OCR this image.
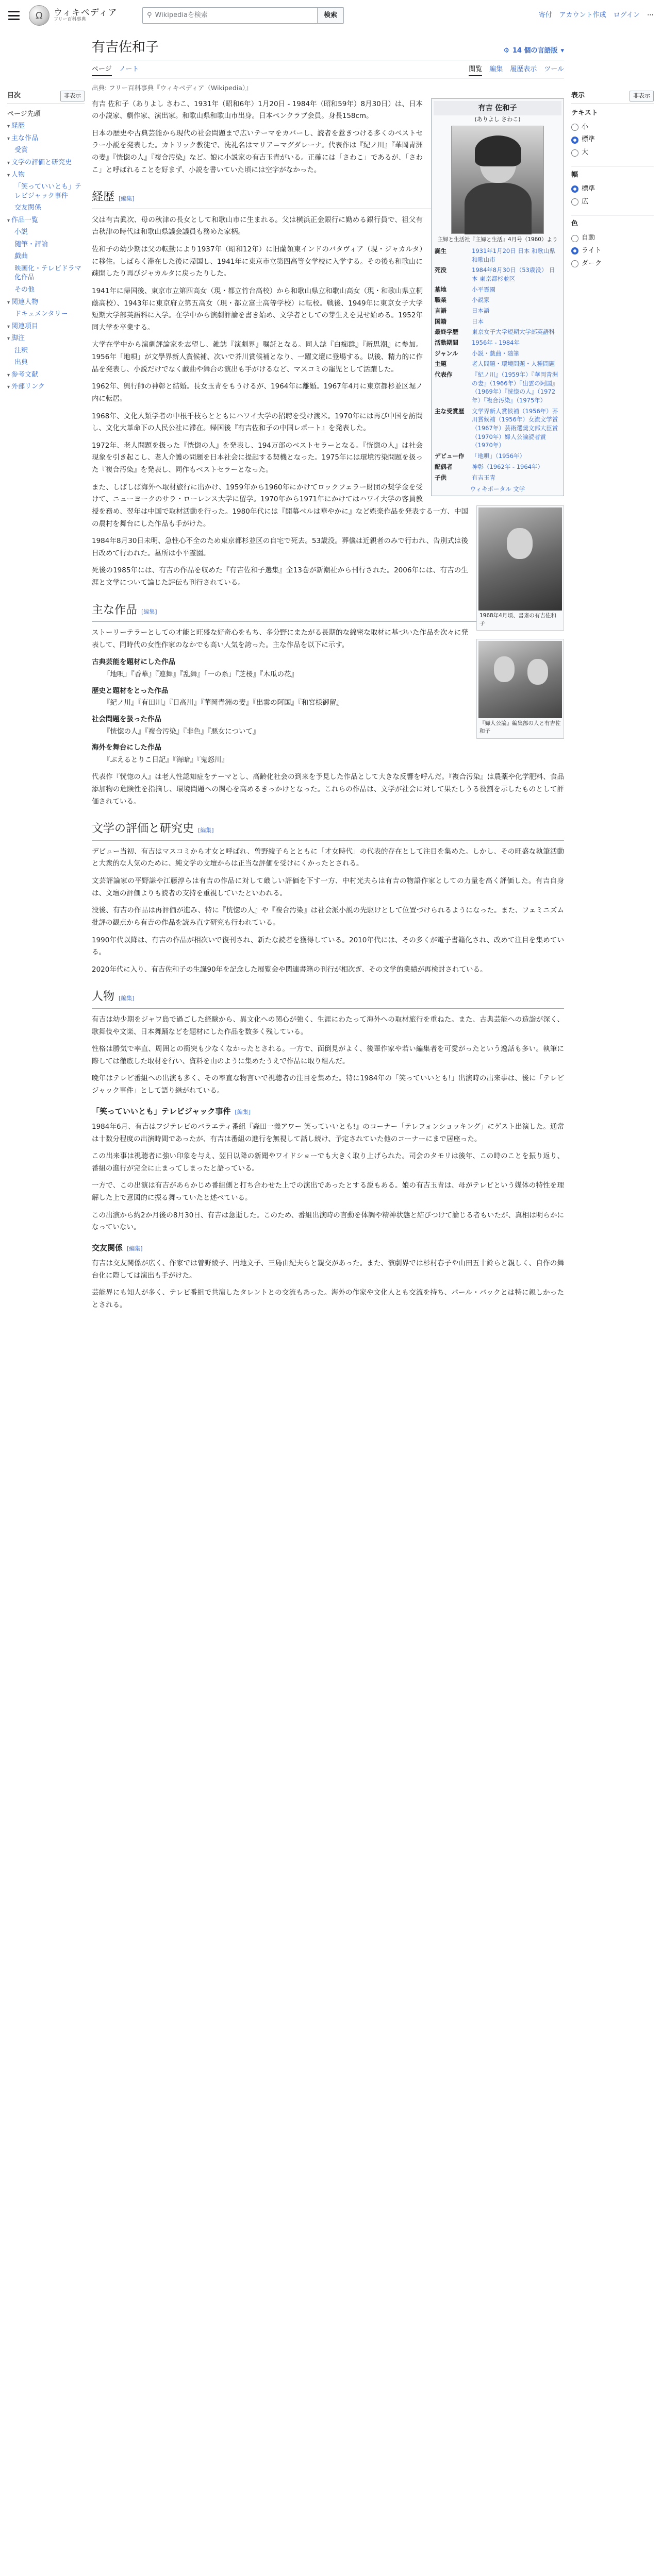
Ω
ウィキペディア
フリー百科事典
⚲ Wikipediaを検索	検索	寄付 アカウント作成 ログイン ⋯
目次	非表示
ページ先頭
▾ 経歴
▾ 主な作品
受賞
▾ 文学の評価と研究史
▾ 人物
「笑っていいとも」テレビジャック事件
交友関係
▾ 作品一覧
小説
随筆・評論
戯曲
映画化・テレビドラマ化作品
その他
▾ 関連人物
ドキュメンタリー
▾ 関連項目
▾ 脚注
注釈
出典
▾ 参考文献
▾ 外部リンク
表示	非表示
テキスト
小
標準
大
幅
標準
広
色
自動
ライト
ダーク
有吉佐和子	⚙ 14 個の言語版 ▾
ページ ノート	閲覧 編集 履歴表示 ツール
出典: フリー百科事典『ウィキペディア（Wikipedia）』
有吉 佐和子
(ありよし さわこ)
主婦と生活社『主婦と生活』4月号（1960）より
誕生	1931年1月20日 日本 和歌山県和歌山市
死没	1984年8月30日（53歳没） 日本 東京都杉並区
墓地	小平霊園
職業	小説家
言語	日本語
国籍	日本
最終学歴	東京女子大学短期大学部英語科
活動期間	1956年 - 1984年
ジャンル	小説・戯曲・随筆
主題	老人問題・環境問題・人種問題
代表作	『紀ノ川』（1959年）『華岡青洲の妻』（1966年）『出雲の阿国』（1969年）『恍惚の人』（1972年）『複合汚染』（1975年）
主な受賞歴	文学界新人賞候補（1956年）芥川賞候補（1956年）女流文学賞（1967年）芸術選奨文部大臣賞（1970年）婦人公論読者賞（1970年）
デビュー作	「地唄」（1956年）
配偶者	神彰（1962年 - 1964年）
子供	有吉玉青
ウィキポータル 文学

有吉 佐和子（ありよし さわこ、1931年（昭和6年）1月20日 - 1984年（昭和59年）8月30日）は、日本の小説家、劇作家、演出家。和歌山県和歌山市出身。日本ペンクラブ会員。身長158cm。

日本の歴史や古典芸能から現代の社会問題まで広いテーマをカバーし、読者を惹きつける多くのベストセラー小説を発表した。カトリック教徒で、洗礼名はマリア＝マグダレーナ。代表作は『紀ノ川』『華岡青洲の妻』『恍惚の人』『複合汚染』など。娘に小説家の有吉玉青がいる。正確には「さわこ」であるが、「さわこ」と呼ばれることを好まず、小説を書いていた頃には空字がなかった。

経歴 [編集]
1968年4月頃、書斎の有吉佐和子

父は有吉眞次、母の秋津の長女として和歌山市に生まれる。父は横浜正金銀行に勤める銀行員で、祖父有吉秋津の時代は和歌山県議会議員も務めた家柄。

佐和子の幼少期は父の転勤により1937年（昭和12年）に旧蘭領東インドのバタヴィア（現・ジャカルタ）に移住。しばらく滞在した後に帰国し、1941年に東京市立第四高等女学校に入学する。その後も和歌山に疎開したり再びジャカルタに戻ったりした。

1941年に帰国後、東京市立第四高女（現・都立竹台高校）から和歌山県立和歌山高女（現・和歌山県立桐蔭高校）、1943年に東京府立第五高女（現・都立富士高等学校）に転校。戦後、1949年に東京女子大学短期大学部英語科に入学。在学中から演劇評論を書き始め、文学者としての芽生えを見せ始める。1952年同大学を卒業する。

大学在学中から演劇評論家を志望し、雑誌『演劇界』嘱託となる。同人誌『白痴群』『新思潮』に参加。1956年「地唄」が文學界新人賞候補、次いで芥川賞候補となり、一躍文壇に登場する。以後、精力的に作品を発表し、小説だけでなく戯曲や舞台の演出も手がけるなど、マスコミの寵児として活躍した。

1962年、興行師の神彰と結婚。長女玉青をもうけるが、1964年に離婚。1967年4月に東京都杉並区堀ノ内に転居。

1968年、文化人類学者の中根千枝らとともにハワイ大学の招聘を受け渡米。1970年には再び中国を訪問し、文化大革命下の人民公社に滞在。帰国後『有吉佐和子の中国レポート』を発表した。

1972年、老人問題を扱った『恍惚の人』を発表し、194万部のベストセラーとなる。『恍惚の人』は社会現象を引き起こし、老人介護の問題を日本社会に提起する契機となった。1975年には環境汚染問題を扱った『複合汚染』を発表し、同作もベストセラーとなった。

また、しばしば海外へ取材旅行に出かけ、1959年から1960年にかけてロックフェラー財団の奨学金を受けて、ニューヨークのサラ・ローレンス大学に留学。1970年から1971年にかけてはハワイ大学の客員教授を務め、翌年は中国で取材活動を行った。1980年代には『開幕ベルは華やかに』など娯楽作品を発表する一方、中国の農村を舞台にした作品も手がけた。

1984年8月30日未明、急性心不全のため東京都杉並区の自宅で死去。53歳没。葬儀は近親者のみで行われ、告別式は後日改めて行われた。墓所は小平霊園。

死後の1985年には、有吉の作品を収めた『有吉佐和子選集』全13巻が新潮社から刊行された。2006年には、有吉の生涯と文学について論じた評伝も刊行されている。

『婦人公論』編集部の人と有吉佐和子
主な作品 [編集]

ストーリーテラーとしての才能と旺盛な好奇心をもち、多分野にまたがる長期的な綿密な取材に基づいた作品を次々に発表して、同時代の女性作家のなかでも高い人気を誇った。主な作品を以下に示す。

古典芸能を題材にした作品
「地唄」『香華』『連舞』『乱舞』「一の糸」『芝桜』『木瓜の花』
歴史と題材をとった作品
『紀ノ川』『有田川』『日高川』『華岡青洲の妻』『出雲の阿国』『和宮様御留』
社会問題を扱った作品
『恍惚の人』『複合汚染』『非色』『悪女について』
海外を舞台にした作品
『ぷえるとりこ日記』『海暗』『鬼怒川』

代表作『恍惚の人』は老人性認知症をテーマとし、高齢化社会の到来を予見した作品として大きな反響を呼んだ。『複合汚染』は農薬や化学肥料、食品添加物の危険性を指摘し、環境問題への関心を高めるきっかけとなった。これらの作品は、文学が社会に対して果たしうる役割を示したものとして評価されている。

文学の評価と研究史 [編集]

デビュー当初、有吉はマスコミから才女と呼ばれ、曽野綾子らとともに「才女時代」の代表的存在として注目を集めた。しかし、その旺盛な執筆活動と大衆的な人気のために、純文学の文壇からは正当な評価を受けにくかったとされる。

文芸評論家の平野謙や江藤淳らは有吉の作品に対して厳しい評価を下す一方、中村光夫らは有吉の物語作家としての力量を高く評価した。有吉自身は、文壇の評価よりも読者の支持を重視していたといわれる。

没後、有吉の作品は再評価が進み、特に『恍惚の人』や『複合汚染』は社会派小説の先駆けとして位置づけられるようになった。また、フェミニズム批評の観点から有吉の作品を読み直す研究も行われている。

1990年代以降は、有吉の作品が相次いで復刊され、新たな読者を獲得している。2010年代には、その多くが電子書籍化され、改めて注目を集めている。

2020年代に入り、有吉佐和子の生誕90年を記念した展覧会や関連書籍の刊行が相次ぎ、その文学的業績が再検討されている。

人物 [編集]

有吉は幼少期をジャワ島で過ごした経験から、異文化への関心が強く、生涯にわたって海外への取材旅行を重ねた。また、古典芸能への造詣が深く、歌舞伎や文楽、日本舞踊などを題材にした作品を数多く残している。

性格は勝気で率直、周囲との衝突も少なくなかったとされる。一方で、面倒見がよく、後輩作家や若い編集者を可愛がったという逸話も多い。執筆に際しては徹底した取材を行い、資料を山のように集めたうえで作品に取り組んだ。

晩年はテレビ番組への出演も多く、その率直な物言いで視聴者の注目を集めた。特に1984年の「笑っていいとも!」出演時の出来事は、後に「テレビジャック事件」として語り継がれている。

「笑っていいとも」テレビジャック事件 [編集]

1984年6月、有吉はフジテレビのバラエティ番組『森田一義アワー 笑っていいとも!』のコーナー「テレフォンショッキング」にゲスト出演した。通常は十数分程度の出演時間であったが、有吉は番組の進行を無視して話し続け、予定されていた他のコーナーにまで居座った。

この出来事は視聴者に強い印象を与え、翌日以降の新聞やワイドショーでも大きく取り上げられた。司会のタモリは後年、この時のことを振り返り、番組の進行が完全に止まってしまったと語っている。

一方で、この出演は有吉があらかじめ番組側と打ち合わせた上での演出であったとする説もある。娘の有吉玉青は、母がテレビという媒体の特性を理解した上で意図的に振る舞っていたと述べている。

この出演から約2か月後の8月30日、有吉は急逝した。このため、番組出演時の言動を体調や精神状態と結びつけて論じる者もいたが、真相は明らかになっていない。

交友関係 [編集]

有吉は交友関係が広く、作家では曽野綾子、円地文子、三島由紀夫らと親交があった。また、演劇界では杉村春子や山田五十鈴らと親しく、自作の舞台化に際しては演出も手がけた。

芸能界にも知人が多く、テレビ番組で共演したタレントとの交流もあった。海外の作家や文化人とも交流を持ち、パール・バックとは特に親しかったとされる。
